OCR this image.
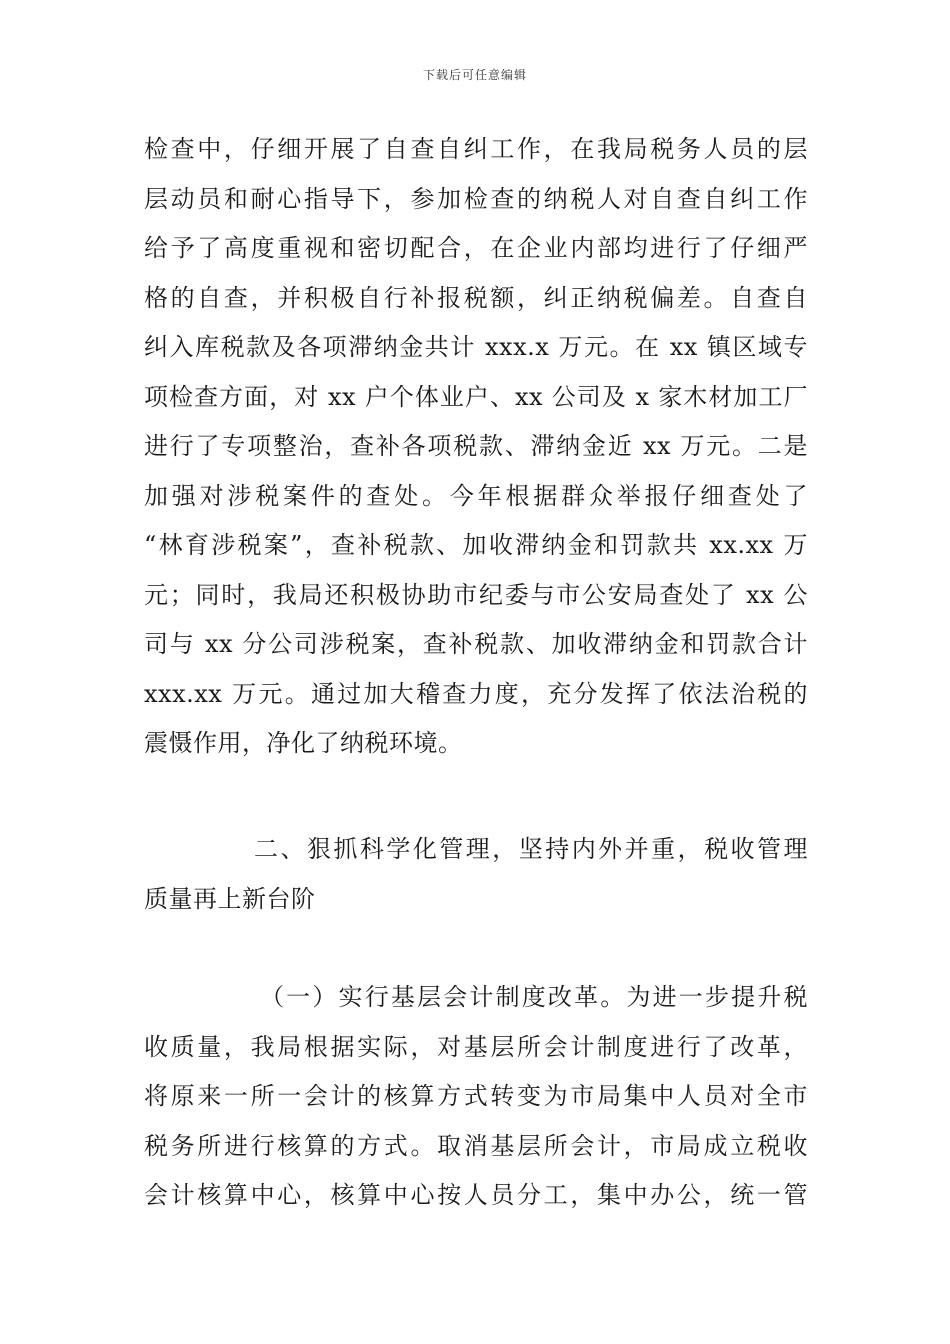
下载后可任意编辑
检查中，仔细开展了自查自纠工作，在我局税务人员的层
层动员和耐心指导下，参加检查的纳税人对自查自纠工作
给予了高度重视和密切配合，在企业内部均进行了仔细严
格的自查，并积极自行补报税额，纠正纳税偏差。自查自
纠入库税款及各项滞纳金共计 xxx.x 万元。在 xx 镇区域专
项检查方面，对 xx 户个体业户、xx 公司及 x 家木材加工厂
进行了专项整治，查补各项税款、滞纳金近 xx 万元。二是
加强对涉税案件的查处。今年根据群众举报仔细查处了
“林育涉税案”，查补税款、加收滞纳金和罚款共 xx.xx 万
元；同时，我局还积极协助市纪委与市公安局查处了 xx 公
司与 xx 分公司涉税案，查补税款、加收滞纳金和罚款合计
xxx.xx 万元。通过加大稽查力度，充分发挥了依法治税的
震慑作用，净化了纳税环境。
二、狠抓科学化管理，坚持内外并重，税收管理
质量再上新台阶
（一）实行基层会计制度改革。为进一步提升税
收质量，我局根据实际，对基层所会计制度进行了改革，
将原来一所一会计的核算方式转变为市局集中人员对全市
税务所进行核算的方式。取消基层所会计，市局成立税收
会计核算中心，核算中心按人员分工，集中办公，统一管
